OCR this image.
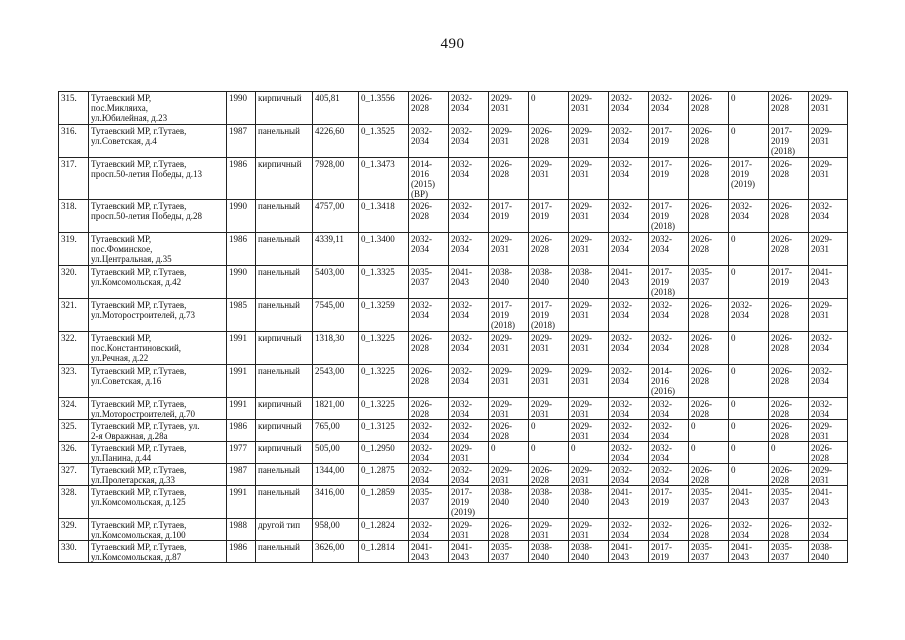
490
315.	Тутаевский МР,
пос.Микляиха,
ул.Юбилейная, д.23	1990	кирпичный	405,81	0_1.3556	2026-
2028	2032-
2034	2029-
2031	0	2029-
2031	2032-
2034	2032-
2034	2026-
2028	0	2026-
2028	2029-
2031
316.	Тутаевский МР, г.Тутаев,
ул.Советская, д.4	1987	панельный	4226,60	0_1.3525	2032-
2034	2032-
2034	2029-
2031	2026-
2028	2029-
2031	2032-
2034	2017-
2019	2026-
2028	0	2017-
2019
(2018)	2029-
2031
317.	Тутаевский МР, г.Тутаев,
просп.50-летия Победы, д.13	1986	кирпичный	7928,00	0_1.3473	2014-
2016
(2015)
(ВР)	2032-
2034	2026-
2028	2029-
2031	2029-
2031	2032-
2034	2017-
2019	2026-
2028	2017-
2019
(2019)	2026-
2028	2029-
2031
318.	Тутаевский МР, г.Тутаев,
просп.50-летия Победы, д.28	1990	панельный	4757,00	0_1.3418	2026-
2028	2032-
2034	2017-
2019	2017-
2019	2029-
2031	2032-
2034	2017-
2019
(2018)	2026-
2028	2032-
2034	2026-
2028	2032-
2034
319.	Тутаевский МР,
пос.Фоминское,
ул.Центральная, д.35	1986	панельный	4339,11	0_1.3400	2032-
2034	2032-
2034	2029-
2031	2026-
2028	2029-
2031	2032-
2034	2032-
2034	2026-
2028	0	2026-
2028	2029-
2031
320.	Тутаевский МР, г.Тутаев,
ул.Комсомольская, д.42	1990	панельный	5403,00	0_1.3325	2035-
2037	2041-
2043	2038-
2040	2038-
2040	2038-
2040	2041-
2043	2017-
2019
(2018)	2035-
2037	0	2017-
2019	2041-
2043
321.	Тутаевский МР, г.Тутаев,
ул.Моторостроителей, д.73	1985	панельный	7545,00	0_1.3259	2032-
2034	2032-
2034	2017-
2019
(2018)	2017-
2019
(2018)	2029-
2031	2032-
2034	2032-
2034	2026-
2028	2032-
2034	2026-
2028	2029-
2031
322.	Тутаевский МР,
пос.Константиновский,
ул.Речная, д.22	1991	кирпичный	1318,30	0_1.3225	2026-
2028	2032-
2034	2029-
2031	2029-
2031	2029-
2031	2032-
2034	2032-
2034	2026-
2028	0	2026-
2028	2032-
2034
323.	Тутаевский МР, г.Тутаев,
ул.Советская, д.16	1991	панельный	2543,00	0_1.3225	2026-
2028	2032-
2034	2029-
2031	2029-
2031	2029-
2031	2032-
2034	2014-
2016
(2016)	2026-
2028	0	2026-
2028	2032-
2034
324.	Тутаевский МР, г.Тутаев,
ул.Моторостроителей, д.70	1991	кирпичный	1821,00	0_1.3225	2026-
2028	2032-
2034	2029-
2031	2029-
2031	2029-
2031	2032-
2034	2032-
2034	2026-
2028	0	2026-
2028	2032-
2034
325.	Тутаевский МР, г.Тутаев, ул.
2-я Овражная, д.28а	1986	кирпичный	765,00	0_1.3125	2032-
2034	2032-
2034	2026-
2028	0	2029-
2031	2032-
2034	2032-
2034	0	0	2026-
2028	2029-
2031
326.	Тутаевский МР, г.Тутаев,
ул.Панина, д.44	1977	кирпичный	505,00	0_1.2950	2032-
2034	2029-
2031	0	0	0	2032-
2034	2032-
2034	0	0	0	2026-
2028
327.	Тутаевский МР, г.Тутаев,
ул.Пролетарская, д.33	1987	панельный	1344,00	0_1.2875	2032-
2034	2032-
2034	2029-
2031	2026-
2028	2029-
2031	2032-
2034	2032-
2034	2026-
2028	0	2026-
2028	2029-
2031
328.	Тутаевский МР, г.Тутаев,
ул.Комсомольская, д.125	1991	панельный	3416,00	0_1.2859	2035-
2037	2017-
2019
(2019)	2038-
2040	2038-
2040	2038-
2040	2041-
2043	2017-
2019	2035-
2037	2041-
2043	2035-
2037	2041-
2043
329.	Тутаевский МР, г.Тутаев,
ул.Комсомольская, д.100	1988	другой тип	958,00	0_1.2824	2032-
2034	2029-
2031	2026-
2028	2029-
2031	2029-
2031	2032-
2034	2032-
2034	2026-
2028	2032-
2034	2026-
2028	2032-
2034
330.	Тутаевский МР, г.Тутаев,
ул.Комсомольская, д.87	1986	панельный	3626,00	0_1.2814	2041-
2043	2041-
2043	2035-
2037	2038-
2040	2038-
2040	2041-
2043	2017-
2019	2035-
2037	2041-
2043	2035-
2037	2038-
2040
